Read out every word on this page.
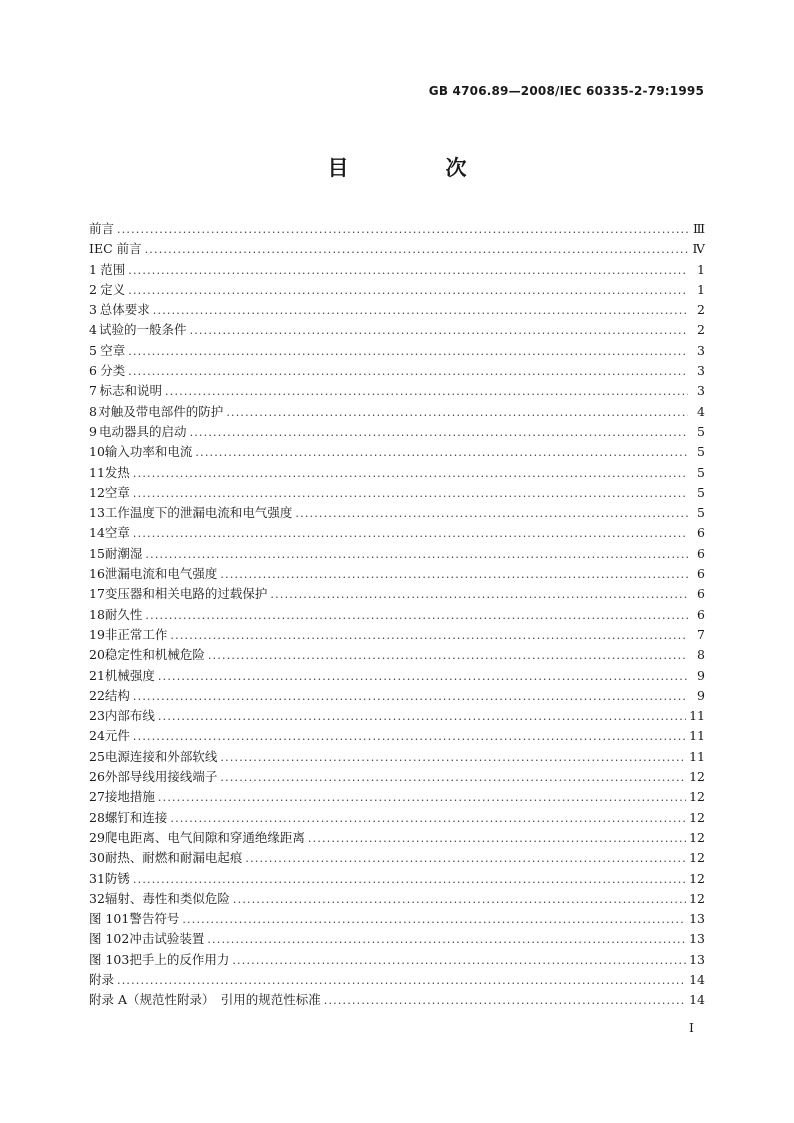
GB 4706.89—2008/IEC 60335-2-79:1995
目　次
前言 .....	Ⅲ
IEC 前言 .....	Ⅳ
1 范围 .....	1
2 定义 .....	1
3 总体要求 .....	2
4 试验的一般条件 .....	2
5 空章 .....	3
6 分类 .....	3
7 标志和说明 .....	3
8 对触及带电部件的防护 .....	4
9 电动器具的启动 .....	5
10 输入功率和电流 .....	5
11 发热 .....	5
12 空章 .....	5
13 工作温度下的泄漏电流和电气强度 .....	5
14 空章 .....	6
15 耐潮湿 .....	6
16 泄漏电流和电气强度 .....	6
17 变压器和相关电路的过载保护 .....	6
18 耐久性 .....	6
19 非正常工作 .....	7
20 稳定性和机械危险 .....	8
21 机械强度 .....	9
22 结构 .....	9
23 内部布线 .....	11
24 元件 .....	11
25 电源连接和外部软线 .....	11
26 外部导线用接线端子 .....	12
27 接地措施 .....	12
28 螺钉和连接 .....	12
29 爬电距离、电气间隙和穿通绝缘距离 .....	12
30 耐热、耐燃和耐漏电起痕 .....	12
31 防锈 .....	12
32 辐射、毒性和类似危险 .....	12
图 101 警告符号 .....	13
图 102 冲击试验装置 .....	13
图 103 把手上的反作用力 .....	13
附录 .....	14
附录 A（规范性附录）　引用的规范性标准 .....	14
I
